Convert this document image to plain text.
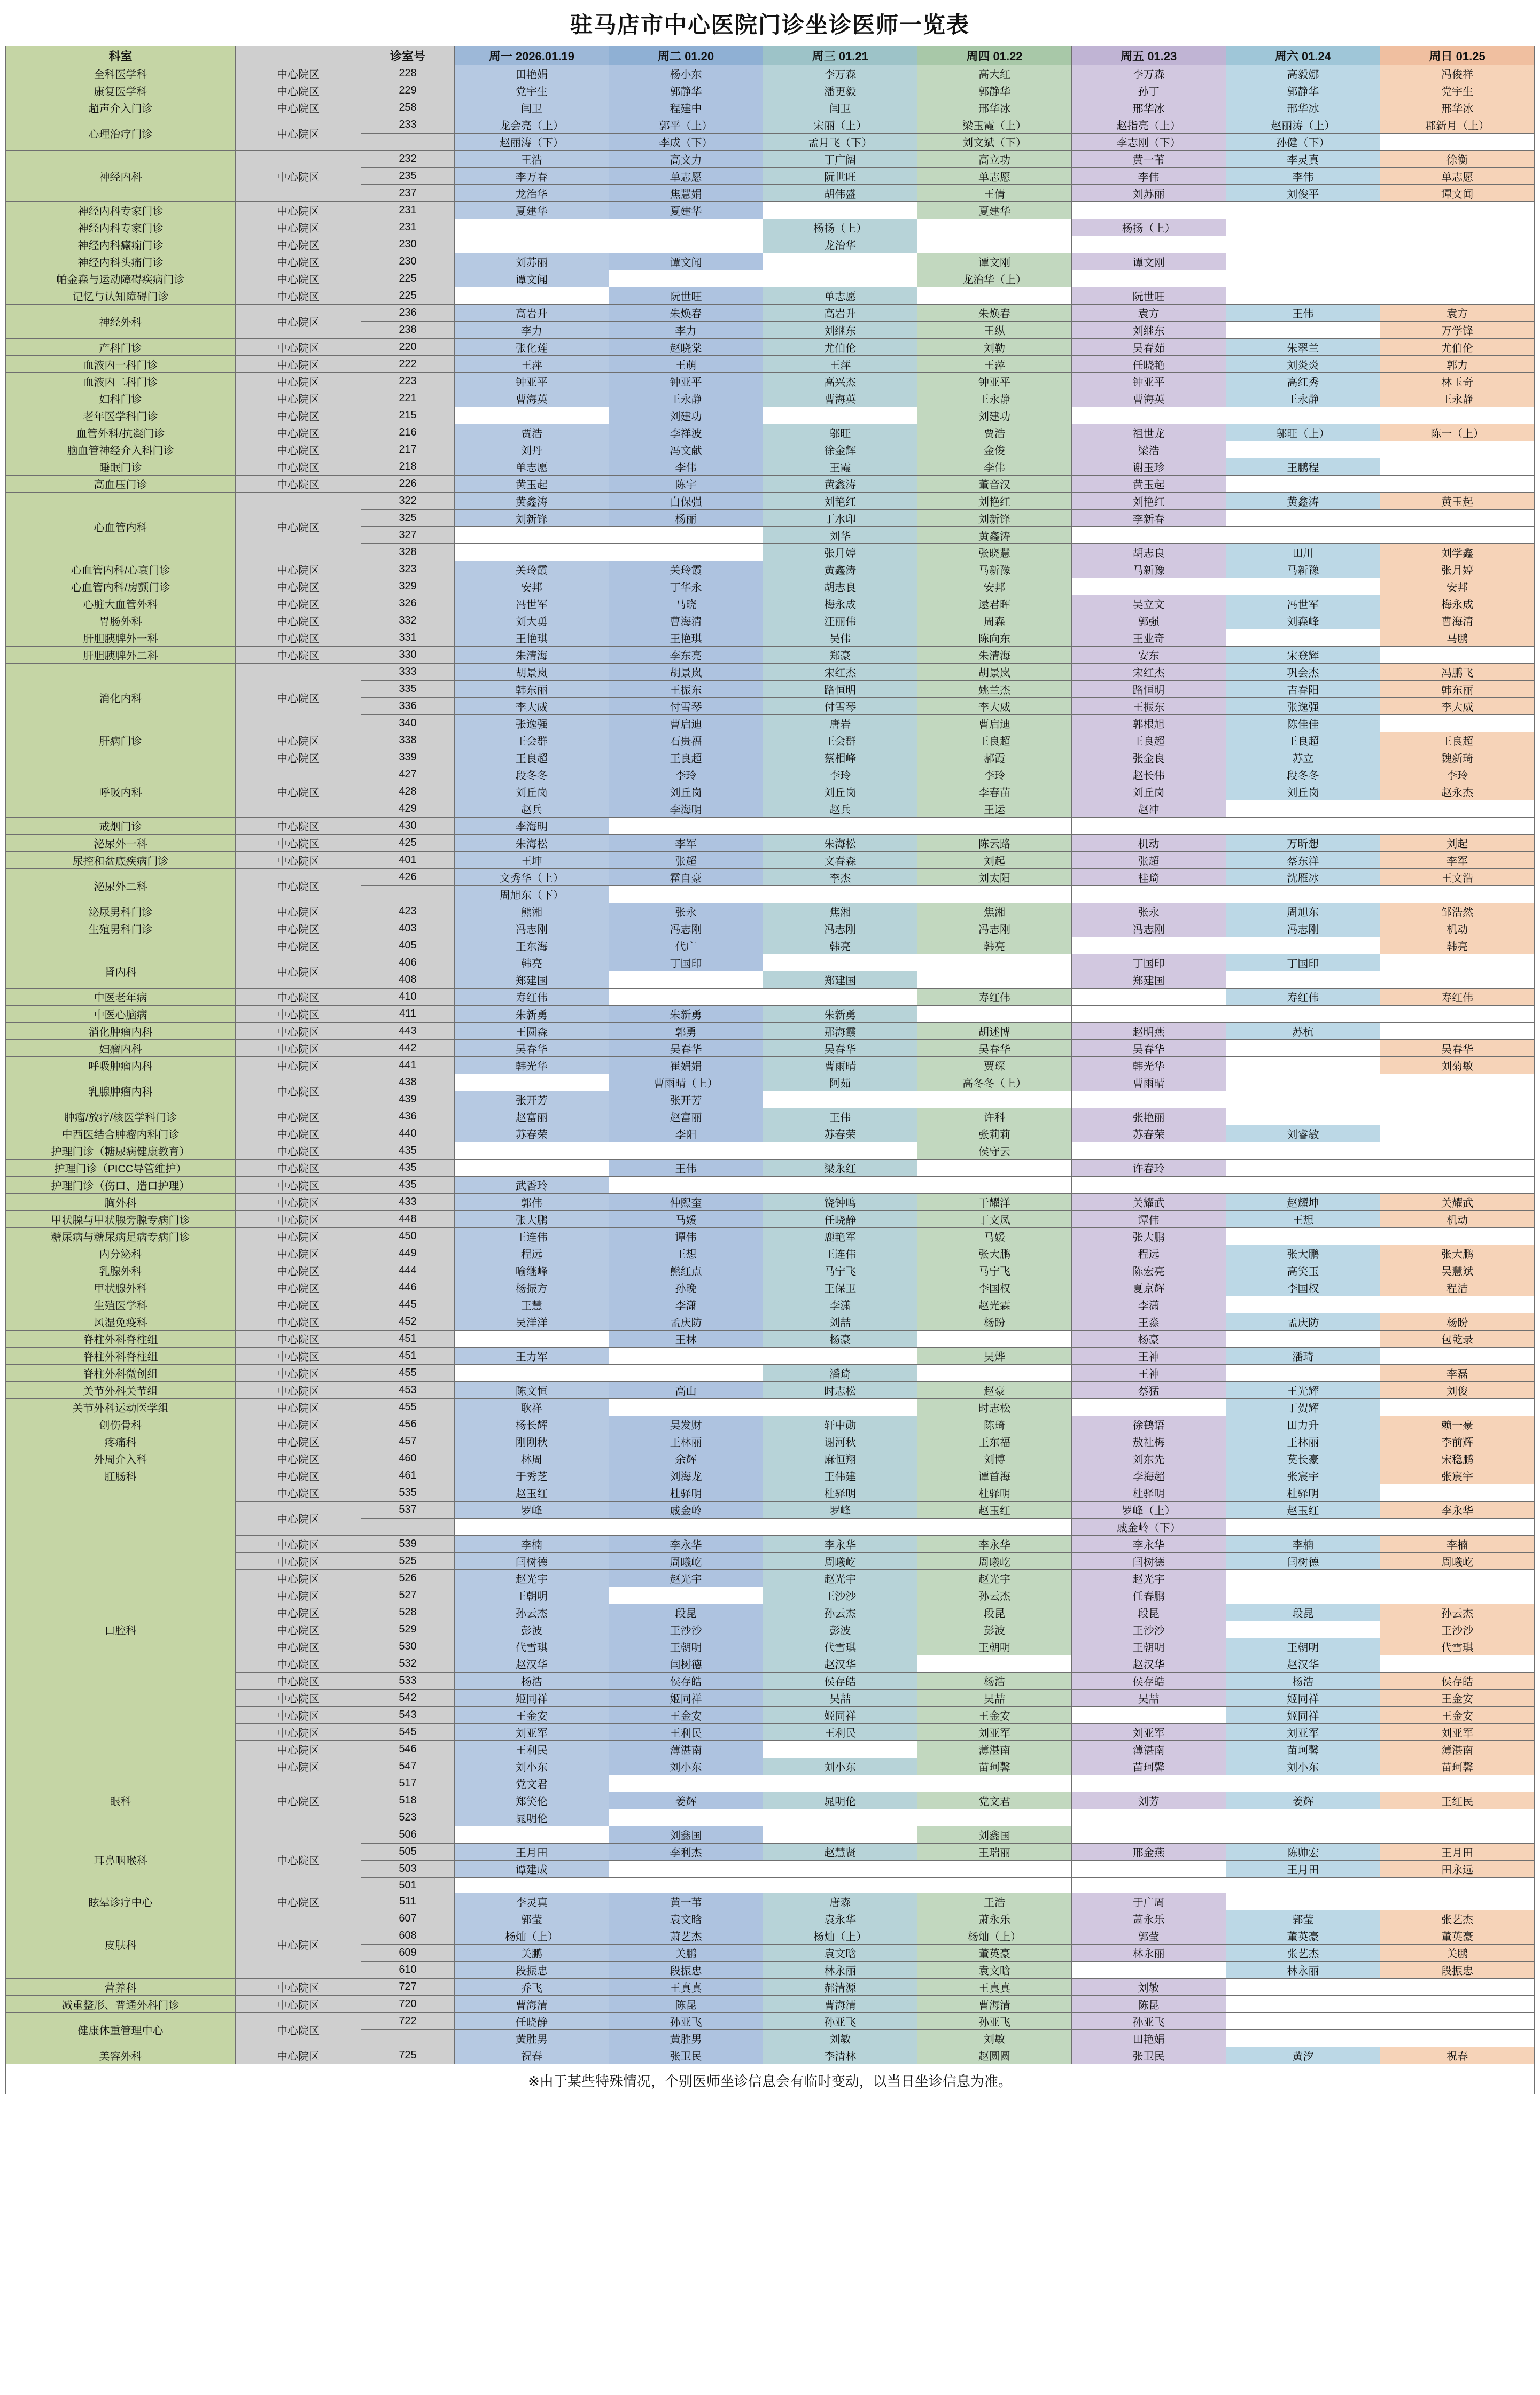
驻马店市中心医院门诊坐诊医师一览表
科室		诊室号	周一 2026.01.19	周二 01.20	周三 01.21	周四 01.22	周五 01.23	周六 01.24	周日 01.25
全科医学科	中心院区	228	田艳娟	杨小东	李万森	高大红	李万森	高毅娜	冯俊祥
康复医学科	中心院区	229	党宇生	郭静华	潘更毅	郭静华	孙丁	郭静华	党宇生
超声介入门诊	中心院区	258	闫卫	程建中	闫卫	邢华冰	邢华冰	邢华冰	邢华冰
心理治疗门诊	中心院区	233	龙会亮（上）	郭平（上）	宋丽（上）	梁玉霞（上）	赵指亮（上）	赵丽涛（上）	郡新月（上）
			赵丽涛（下）	李成（下）	孟月飞（下）	刘文斌（下）	李志刚（下）	孙健（下）	
神经内科	中心院区	232	王浩	高文力	丁广阔	高立功	黄一苇	李灵真	徐衡
		235	李万春	单志愿	阮世旺	单志愿	李伟	李伟	单志愿
		237	龙治华	焦慧娟	胡伟盛	王倩	刘苏丽	刘俊平	谭文闻
神经内科专家门诊	中心院区	231	夏建华	夏建华		夏建华			
神经内科专家门诊	中心院区	231			杨扬（上）		杨扬（上）		
神经内科癫痫门诊	中心院区	230			龙治华				
神经内科头痛门诊	中心院区	230	刘苏丽	谭文闻		谭文刚	谭文刚		
帕金森与运动障碍疾病门诊	中心院区	225	谭文闻			龙治华（上）			
记忆与认知障碍门诊	中心院区	225		阮世旺	单志愿		阮世旺		
神经外科	中心院区	236	高岩升	朱焕春	高岩升	朱焕春	袁方	王伟	袁方
		238	李力	李力	刘继东	王纵	刘继东		万学锋
产科门诊	中心院区	220	张化莲	赵晓棠	尤伯伦	刘勒	吴春茹	朱翠兰	尤伯伦
血液内一科门诊	中心院区	222	王萍	王萌	王萍	王萍	任晓艳	刘炎炎	郭力
血液内二科门诊	中心院区	223	钟亚平	钟亚平	高兴杰	钟亚平	钟亚平	高红秀	林玉奇
妇科门诊	中心院区	221	曹海英	王永静	曹海英	王永静	曹海英	王永静	王永静
老年医学科门诊	中心院区	215		刘建功		刘建功			
血管外科/抗凝门诊	中心院区	216	贾浩	李祥波	邬旺	贾浩	祖世龙	邬旺（上）	陈一（上）
脑血管神经介入科门诊	中心院区	217	刘丹	冯文献	徐金辉	金俊	梁浩		
睡眠门诊	中心院区	218	单志愿	李伟	王霞	李伟	谢玉珍	王鹏程	
高血压门诊	中心院区	226	黄玉起	陈宇	黄鑫涛	董音汉	黄玉起		
心血管内科	中心院区	322	黄鑫涛	白保强	刘艳红	刘艳红	刘艳红	黄鑫涛	黄玉起
		325	刘新锋	杨丽	丁水印	刘新锋	李新春		
		327			刘华	黄鑫涛			
		328			张月婷	张晓慧	胡志良	田川	刘学鑫
心血管内科/心衰门诊	中心院区	323	关玲霞	关玲霞	黄鑫涛	马新豫	马新豫	马新豫	张月婷
心血管内科/房颤门诊	中心院区	329	安邦	丁华永	胡志良	安邦			安邦
心脏大血管外科	中心院区	326	冯世军	马晓	梅永成	逯君晖	吴立文	冯世军	梅永成
胃肠外科	中心院区	332	刘大勇	曹海清	汪丽伟	周森	郭强	刘森峰	曹海清
肝胆胰脾外一科	中心院区	331	王艳琪	王艳琪	吴伟	陈向东	王业奇		马鹏
肝胆胰脾外二科	中心院区	330	朱清海	李东亮	郑豪	朱清海	安东	宋登辉	
消化内科	中心院区	333	胡景岚	胡景岚	宋红杰	胡景岚	宋红杰	巩会杰	冯鹏飞
		335	韩东丽	王振东	路恒明	姚兰杰	路恒明	吉春阳	韩东丽
		336	李大威	付雪琴	付雪琴	李大威	王振东	张逸强	李大威
		340	张逸强	曹启迪	唐岩	曹启迪	郭根旭	陈佳佳	
肝病门诊	中心院区	338	王会群	石贵福	王会群	王良超	王良超	王良超	王良超
	中心院区	339	王良超	王良超	蔡相峰	郝霞	张金良	苏立	魏新琦
呼吸内科	中心院区	427	段冬冬	李玲	李玲	李玲	赵长伟	段冬冬	李玲
		428	刘丘岗	刘丘岗	刘丘岗	李春苗	刘丘岗	刘丘岗	赵永杰
		429	赵兵	李海明	赵兵	王运	赵冲		
戒烟门诊	中心院区	430	李海明						
泌尿外一科	中心院区	425	朱海松	李军	朱海松	陈云路	机动	万昕想	刘起
尿控和盆底疾病门诊	中心院区	401	王坤	张超	文春森	刘起	张超	蔡东洋	李军
泌尿外二科	中心院区	426	文秀华（上）	霍自豪	李杰	刘太阳	桂琦	沈雁冰	王文浩
			周旭东（下）						
泌尿男科门诊	中心院区	423	熊湘	张永	焦湘	焦湘	张永	周旭东	邹浩然
生殖男科门诊	中心院区	403	冯志刚	冯志刚	冯志刚	冯志刚	冯志刚	冯志刚	机动
	中心院区	405	王东海	代广	韩亮	韩亮			韩亮
肾内科	中心院区	406	韩亮	丁国印			丁国印	丁国印	
		408	郑建国		郑建国		郑建国		
中医老年病	中心院区	410	寿红伟			寿红伟		寿红伟	寿红伟
中医心脑病	中心院区	411	朱新勇	朱新勇	朱新勇				
消化肿瘤内科	中心院区	443	王圆森	郭勇	那海霞	胡述博	赵明燕	苏杭	
妇瘤内科	中心院区	442	吴春华	吴春华	吴春华	吴春华	吴春华		吴春华
呼吸肿瘤内科	中心院区	441	韩光华	崔娟娟	曹雨晴	贾琛	韩光华		刘菊敏
乳腺肿瘤内科	中心院区	438		曹雨晴（上）	阿茹	高冬冬（上）	曹雨晴		
		439	张开芳	张开芳					
肿瘤/放疗/核医学科门诊	中心院区	436	赵富丽	赵富丽	王伟	许科	张艳丽		
中西医结合肿瘤内科门诊	中心院区	440	苏春荣	李阳	苏春荣	张莉莉	苏春荣	刘睿敏	
护理门诊（糖尿病健康教育）	中心院区	435				侯守云			
护理门诊（PICC导管维护）	中心院区	435		王伟	梁永红		许春玲		
护理门诊（伤口、造口护理）	中心院区	435	武香玲						
胸外科	中心院区	433	郭伟	仲熙奎	饶钟鸣	于耀洋	关耀武	赵耀坤	关耀武
甲状腺与甲状腺旁腺专病门诊	中心院区	448	张大鹏	马媛	任晓静	丁文凤	谭伟	王想	机动
糖尿病与糖尿病足病专病门诊	中心院区	450	王连伟	谭伟	鹿艳军	马媛	张大鹏		
内分泌科	中心院区	449	程远	王想	王连伟	张大鹏	程远	张大鹏	张大鹏
乳腺外科	中心院区	444	喻继峰	熊红点	马宁飞	马宁飞	陈宏亮	高笑玉	吴慧斌
甲状腺外科	中心院区	446	杨振方	孙晚	王保卫	李国权	夏京辉	李国权	程洁
生殖医学科	中心院区	445	王慧	李潇	李潇	赵光霖	李潇		
风湿免疫科	中心院区	452	吴洋洋	孟庆防	刘喆	杨盼	王淼	孟庆防	杨盼
脊柱外科脊柱组	中心院区	451		王林	杨豪		杨豪		包乾录
脊柱外科脊柱组	中心院区	451	王力军			吴烨	王神	潘琦	
脊柱外科微创组	中心院区	455			潘琦		王神		李磊
关节外科关节组	中心院区	453	陈文恒	高山	时志松	赵豪	蔡猛	王光辉	刘俊
关节外科运动医学组	中心院区	455	耿祥			时志松		丁贺辉	
创伤骨科	中心院区	456	杨长辉	吴发财	轩中勋	陈琦	徐鹤语	田力升	赖一豪
疼痛科	中心院区	457	刚刚秋	王林丽	谢河秋	王东福	敖社梅	王林丽	李前辉
外周介入科	中心院区	460	林周	余辉	麻恒翔	刘博	刘东先	莫长豪	宋稳鹏
肛肠科	中心院区	461	于秀芝	刘海龙	王伟建	谭首海	李海超	张宸宇	张宸宇
口腔科	中心院区	535	赵玉红	杜驿明	杜驿明	杜驿明	杜驿明	杜驿明	
	中心院区	537	罗峰	戚金岭	罗峰	赵玉红	罗峰（上）	赵玉红	李永华
							戚金岭（下）		
	中心院区	539	李楠	李永华	李永华	李永华	李永华	李楠	李楠
	中心院区	525	闫树德	周曦屹	周曦屹	周曦屹	闫树德	闫树德	周曦屹
	中心院区	526	赵光宇	赵光宇	赵光宇	赵光宇	赵光宇		
	中心院区	527	王朝明		王沙沙	孙云杰	任春鹏		
	中心院区	528	孙云杰	段昆	孙云杰	段昆	段昆	段昆	孙云杰
	中心院区	529	彭波	王沙沙	彭波	彭波	王沙沙		王沙沙
	中心院区	530	代雪琪	王朝明	代雪琪	王朝明	王朝明	王朝明	代雪琪
	中心院区	532	赵汉华	闫树德	赵汉华		赵汉华	赵汉华	
	中心院区	533	杨浩	侯存皓	侯存皓	杨浩	侯存皓	杨浩	侯存皓
	中心院区	542	姬同祥	姬同祥	吴喆	吴喆	吴喆	姬同祥	王金安
	中心院区	543	王金安	王金安	姬同祥	王金安		姬同祥	王金安
	中心院区	545	刘亚军	王利民	王利民	刘亚军	刘亚军	刘亚军	刘亚军
	中心院区	546	王利民	薄湛南		薄湛南	薄湛南	苗珂馨	薄湛南
	中心院区	547	刘小东	刘小东	刘小东	苗珂馨	苗珂馨	刘小东	苗珂馨
眼科	中心院区	517	党文君						
		518	郑笑伦	姜辉	晁明伦	党文君	刘芳	姜辉	王红民
		523	晁明伦						
耳鼻咽喉科	中心院区	506		刘鑫国		刘鑫国			
		505	王月田	李利杰	赵慧贤	王瑞丽	邢金燕	陈帅宏	王月田
		503	谭建成					王月田	田永远
		501							
眩晕诊疗中心	中心院区	511	李灵真	黄一苇	唐森	王浩	于广周		
皮肤科	中心院区	607	郭莹	袁文晗	袁永华	萧永乐	萧永乐	郭莹	张艺杰
		608	杨灿（上）	萧艺杰	杨灿（上）	杨灿（上）	郭莹	董英豪	董英豪
		609	关鹏	关鹏	袁文晗	董英豪	林永丽	张艺杰	关鹏
		610	段振忠	段振忠	林永丽	袁文晗		林永丽	段振忠
营养科	中心院区	727	乔飞	王真真	郝清源	王真真	刘敏		
减重整形、普通外科门诊	中心院区	720	曹海清	陈昆	曹海清	曹海清	陈昆		
健康体重管理中心	中心院区	722	任晓静	孙亚飞	孙亚飞	孙亚飞	孙亚飞		
			黄胜男	黄胜男	刘敏	刘敏	田艳娟		
美容外科	中心院区	725	祝春	张卫民	李清林	赵圆圆	张卫民	黄汐	祝春
※由于某些特殊情况，个别医师坐诊信息会有临时变动，以当日坐诊信息为准。
